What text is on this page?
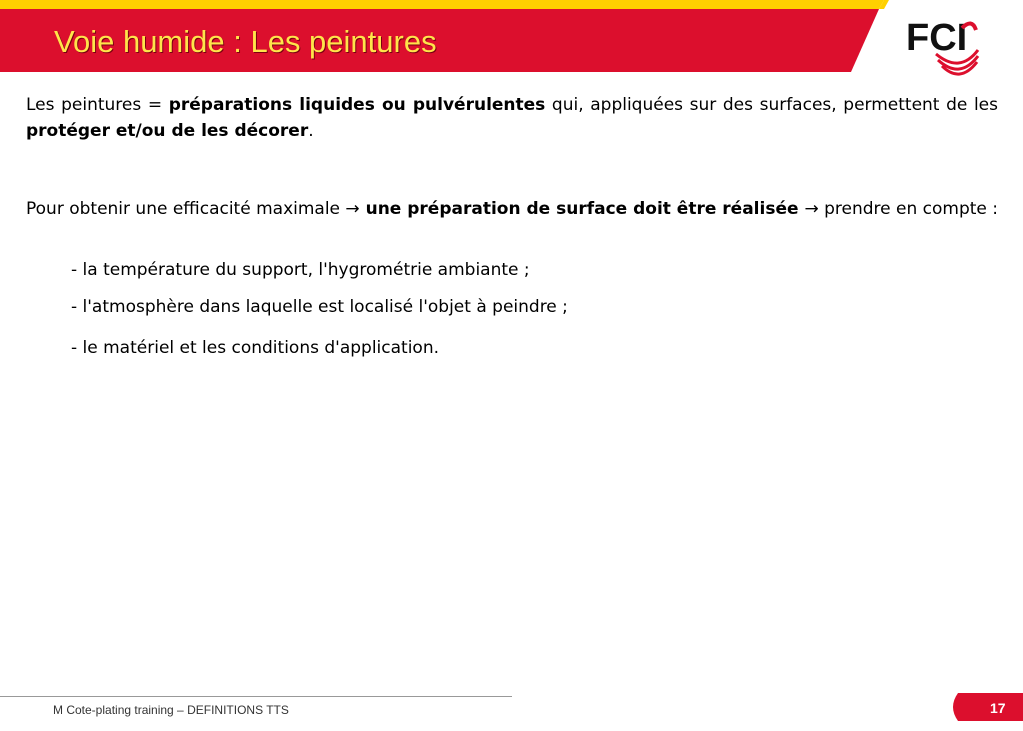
Voie humide : Les peintures	FCI
Les peintures = préparations liquides ou pulvérulentes qui, appliquées sur des surfaces, permettent de les protéger et/ou de les décorer.
Pour obtenir une efficacité maximale → une préparation de surface doit être réalisée → prendre en compte :
- la température du support, l'hygrométrie ambiante ;
- l'atmosphère dans laquelle est localisé l'objet à peindre ;
- le matériel et les conditions d'application.
M Cote-plating training – DEFINITIONS TTS	17
